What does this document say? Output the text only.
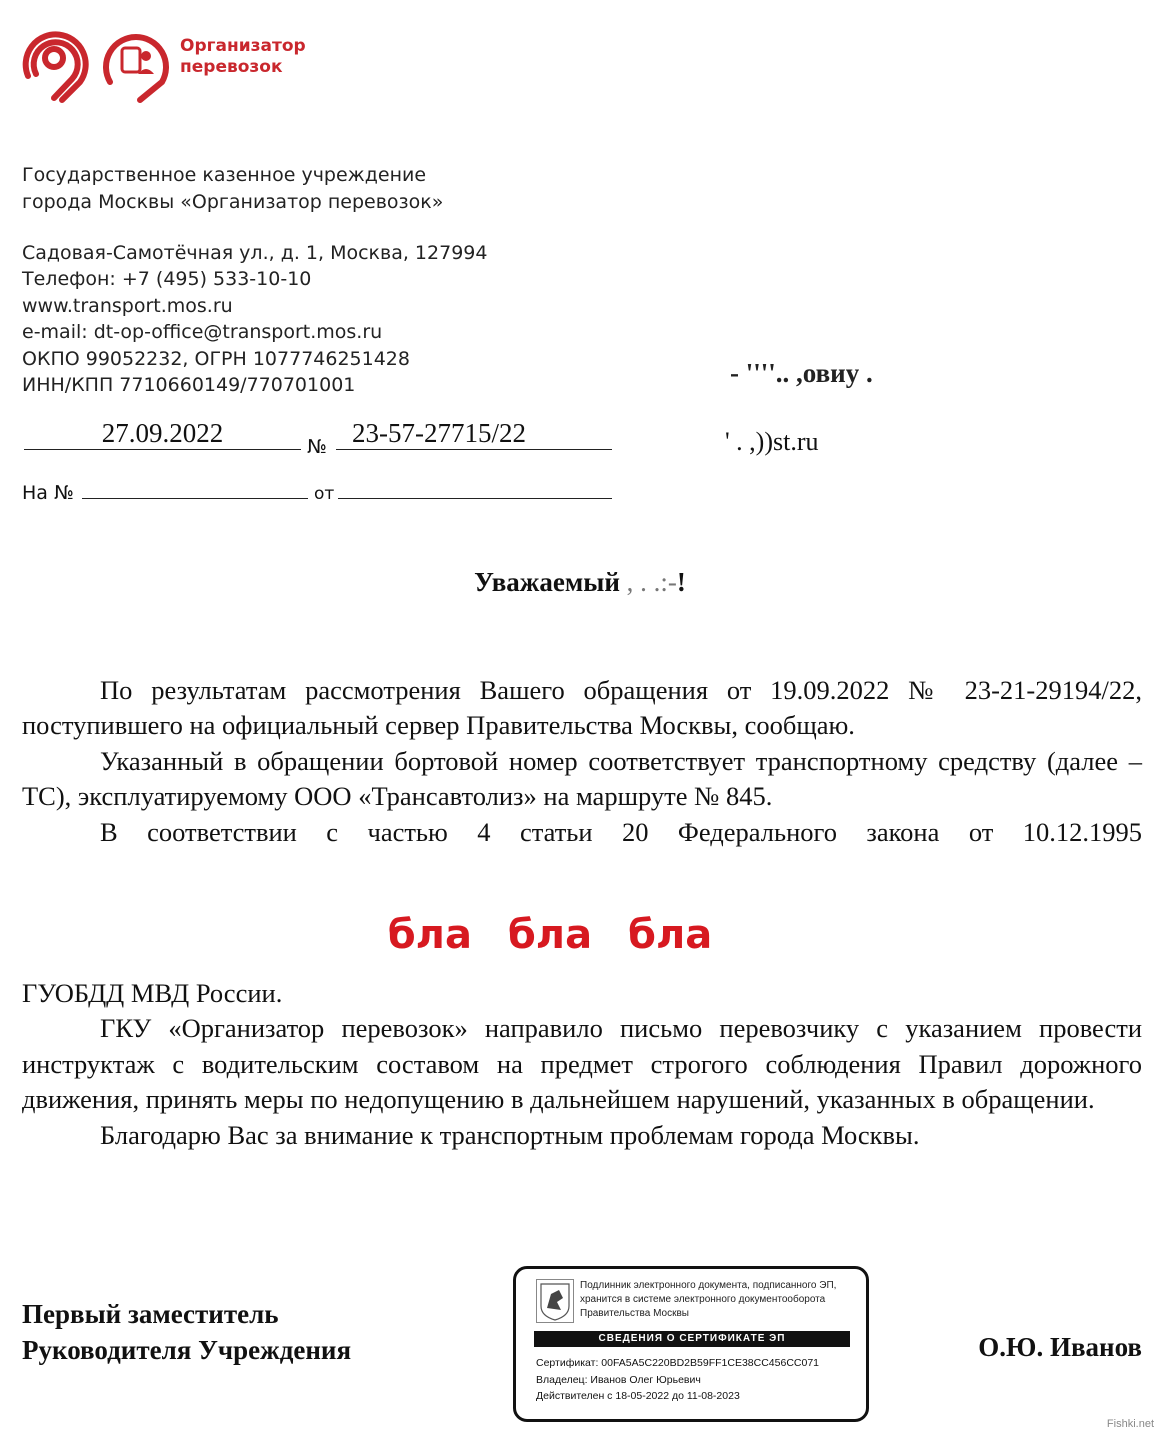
Организатор
перевозок
Государственное казенное учреждение
города Москвы «Организатор перевозок»
Садовая-Самотёчная ул., д. 1, Москва, 127994
Телефон: +7 (495) 533-10-10
www.transport.mos.ru
e-mail: dt-op-office@transport.mos.ru
ОКПО 99052232, ОГРН 1077746251428
ИНН/КПП 7710660149/770701001
27.09.2022	№ 23-57-27715/22
На №	от
- ''''.. ,овиу .
' . ,))st.ru
Уважаемый , . .:-!

По результатам рассмотрения Вашего обращения от 19.09.2022 № 23-21-29194/22, поступившего на официальный сервер Правительства Москвы, сообщаю.

Указанный в обращении бортовой номер соответствует транспортному средству (далее – ТС), эксплуатируемому ООО «Трансавтолиз» на маршруте № 845.

В соответствии с частью 4 статьи 20 Федерального закона от 10.12.1995

бла бла бла

ГУОБДД МВД России.

ГКУ «Организатор перевозок» направило письмо перевозчику с указанием провести инструктаж с водительским составом на предмет строгого соблюдения Правил дорожного движения, принять меры по недопущению в дальнейшем нарушений, указанных в обращении.

Благодарю Вас за внимание к транспортным проблемам города Москвы.

Первый заместитель
Руководителя Учреждения	О.Ю. Иванов
Подлинник электронного документа, подписанного ЭП,
хранится в системе электронного документооборота
Правительства Москвы
СВЕДЕНИЯ О СЕРТИФИКАТЕ ЭП
Сертификат: 00FA5A5C220BD2B59FF1CE38CC456CC071
Владелец: Иванов Олег Юрьевич
Действителен с 18-05-2022 до 11-08-2023
Fishki.net
